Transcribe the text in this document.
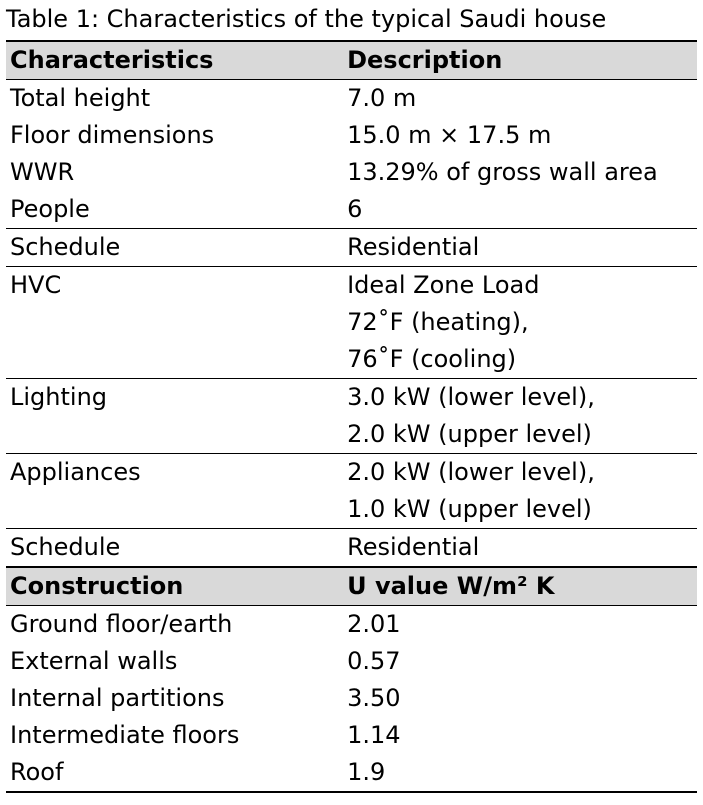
Table 1: Characteristics of the typical Saudi house
Characteristics	Description
Total height	7.0 m

Floor dimensions	15.0 m × 17.5 m

WWR	13.29% of gross wall area

People	6

Schedule	Residential

HVC	Ideal Zone Load
72˚F (heating),
76˚F (cooling)

Lighting	3.0 kW (lower level),
2.0 kW (upper level)

Appliances	2.0 kW (lower level),
1.0 kW (upper level)

Schedule	Residential

Construction	U value W/m² K
Ground floor/earth	2.01
External walls	0.57
Internal partitions	3.50
Intermediate floors	1.14
Roof	1.9
